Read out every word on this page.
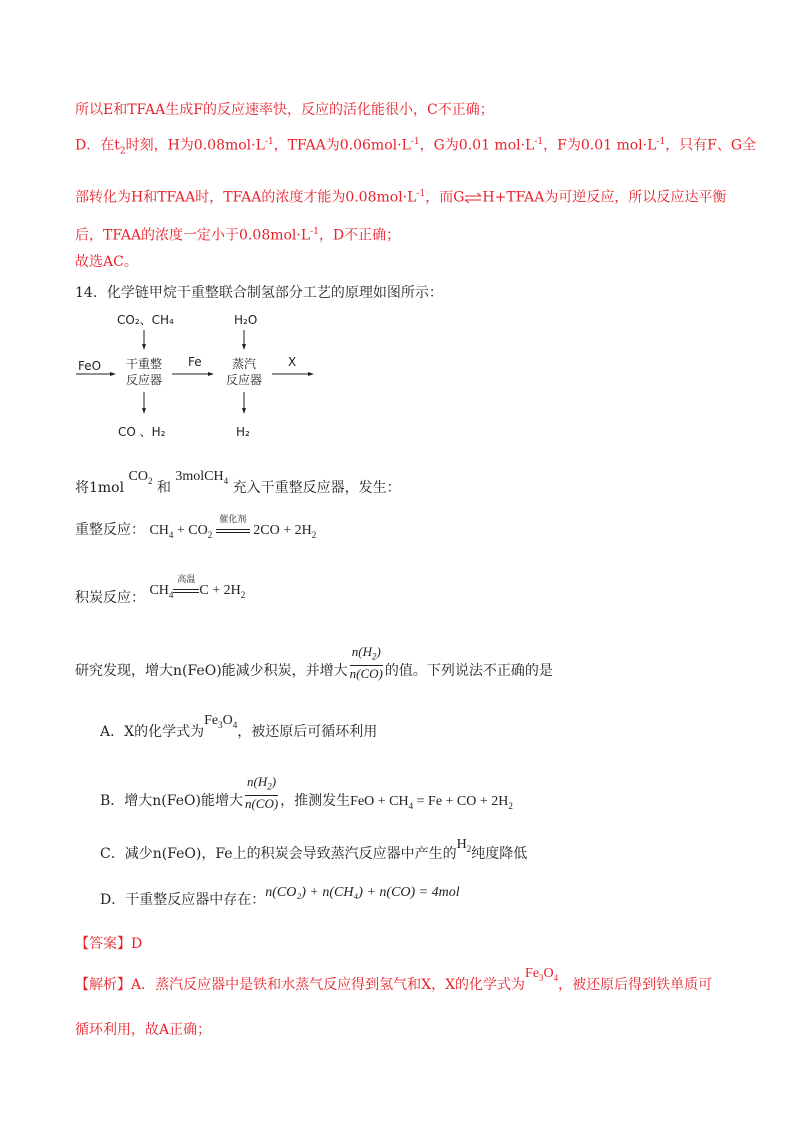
所以E和TFAA生成F的反应速率快，反应的活化能很小，C不正确；
D．在$t_2$时刻，H为$0.08mol\cdot L^{-1}$，TFAA为$0.06mol\cdot L^{-1}$，G为0.01 $mol\cdot L^{-1}$，F为0.01 $mol\cdot L^{-1}$，只有F、G全
部转化为H和TFAA时，TFAA的浓度才能为$0.08mol\cdot L^{-1}$，而G⇌H+TFAA为可逆反应，所以反应达平衡
后，TFAA的浓度一定小于$0.08mol\cdot L^{-1}$，D不正确；
故选AC。
14．化学链甲烷干重整联合制氢部分工艺的原理如图所示：
CO₂、CH₄	H₂O
FeO 干重整
反应器
Fe	蒸汽
反应器
X
CO 、H₂	H₂
将1mol $CO_2$ 和 3molCH$_4$ 充入干重整反应器，发生：
重整反应： $CH_4 + CO_2$
催化剂
$2CO + 2H_2$
积炭反应： $CH_4$
高温
$C + 2H_2$
研究发现，增大n(FeO)能减少积炭，并增大 $\frac{n(H_2)}{n(CO)}$ 的值。下列说法不正确的是
A．X的化学式为$Fe_3O_4$，被还原后可循环利用
B．增大n(FeO)能增大 $\frac{n(H_2)}{n(CO)}$ ，推测发生FeO + $CH_4 = Fe$ + CO + $2H_2$
C．减少n(FeO)，Fe上的积炭会导致蒸汽反应器中产生的$H_2$纯度降低
D．干重整反应器中存在：n(CO₂) + n(CH₄) + n(CO) = 4mol
【答案】D
【解析】A．蒸汽反应器中是铁和水蒸气反应得到氢气和X，X的化学式为$Fe_3O_4$，被还原后得到铁单质可
循环利用，故A正确；
